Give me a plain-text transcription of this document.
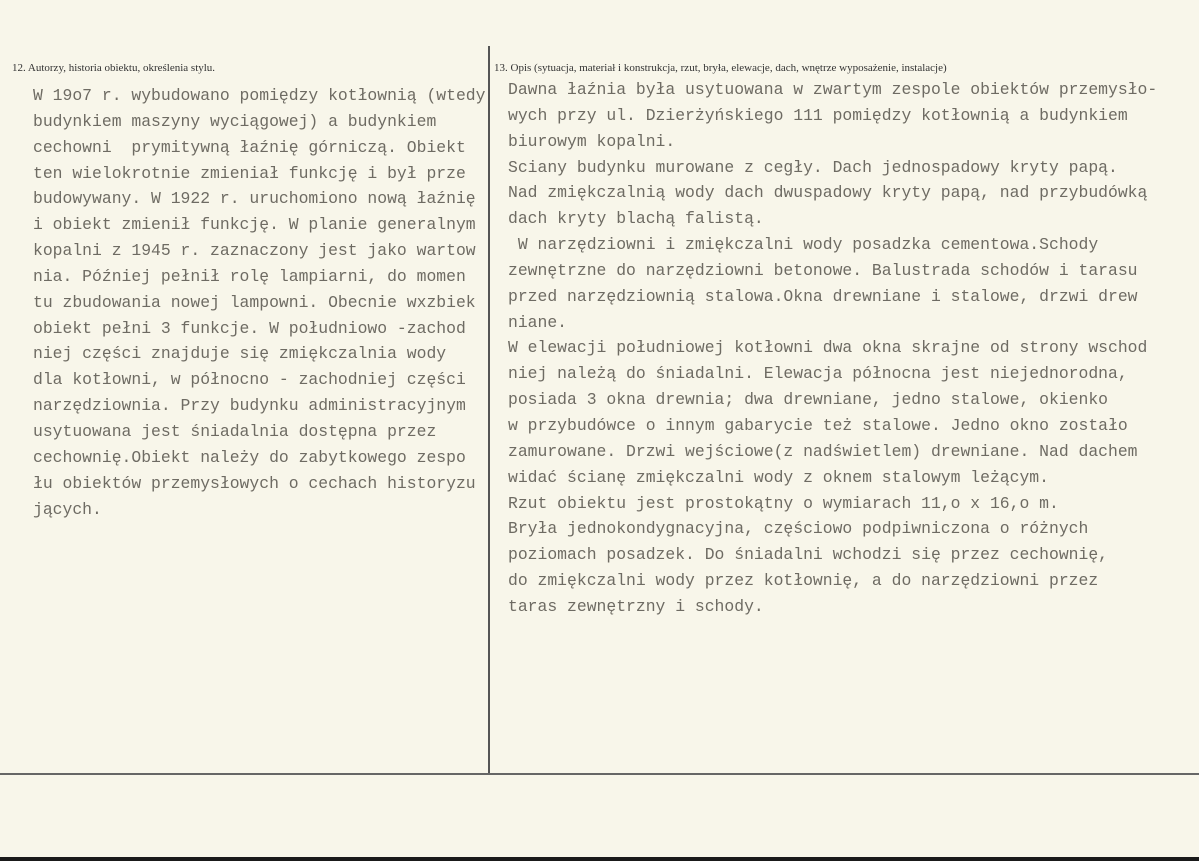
12. Autorzy, historia obiektu, określenia stylu.	13. Opis (sytuacja, materiał i konstrukcja, rzut, bryła, elewacje, dach, wnętrze wyposażenie, instalacje)
W 19o7 r. wybudowano pomiędzy kotłownią (wtedy
budynkiem maszyny wyciągowej) a budynkiem
cechowni  prymitywną łaźnię górniczą. Obiekt
ten wielokrotnie zmieniał funkcję i był prze
budowywany. W 1922 r. uruchomiono nową łaźnię
i obiekt zmienił funkcję. W planie generalnym
kopalni z 1945 r. zaznaczony jest jako wartow
nia. Później pełnił rolę lampiarni, do momen
tu zbudowania nowej lampowni. Obecnie wxzbiek
obiekt pełni 3 funkcje. W południowo -zachod
niej części znajduje się zmiękczalnia wody
dla kotłowni, w północno - zachodniej części
narzędziownia. Przy budynku administracyjnym
usytuowana jest śniadalnia dostępna przez
cechownię.Obiekt należy do zabytkowego zespo
łu obiektów przemysłowych o cechach historyzu
jących.
Dawna łaźnia była usytuowana w zwartym zespole obiektów przemysło-
wych przy ul. Dzierżyńskiego 111 pomiędzy kotłownią a budynkiem
biurowym kopalni.
Sciany budynku murowane z cegły. Dach jednospadowy kryty papą.
Nad zmiękczalnią wody dach dwuspadowy kryty papą, nad przybudówką
dach kryty blachą falistą.
W narzędziowni i zmiękczalni wody posadzka cementowa.Schody
zewnętrzne do narzędziowni betonowe. Balustrada schodów i tarasu
przed narzędziownią stalowa.Okna drewniane i stalowe, drzwi drew
niane.
W elewacji południowej kotłowni dwa okna skrajne od strony wschod
niej należą do śniadalni. Elewacja północna jest niejednorodna,
posiada 3 okna drewnia; dwa drewniane, jedno stalowe, okienko
w przybudówce o innym gabarycie też stalowe. Jedno okno zostało
zamurowane. Drzwi wejściowe(z nadświetlem) drewniane. Nad dachem
widać ścianę zmiękczalni wody z oknem stalowym leżącym.
Rzut obiektu jest prostokątny o wymiarach 11,o x 16,o m.
Bryła jednokondygnacyjna, częściowo podpiwniczona o różnych
poziomach posadzek. Do śniadalni wchodzi się przez cechownię,
do zmiękczalni wody przez kotłownię, a do narzędziowni przez
taras zewnętrzny i schody.
